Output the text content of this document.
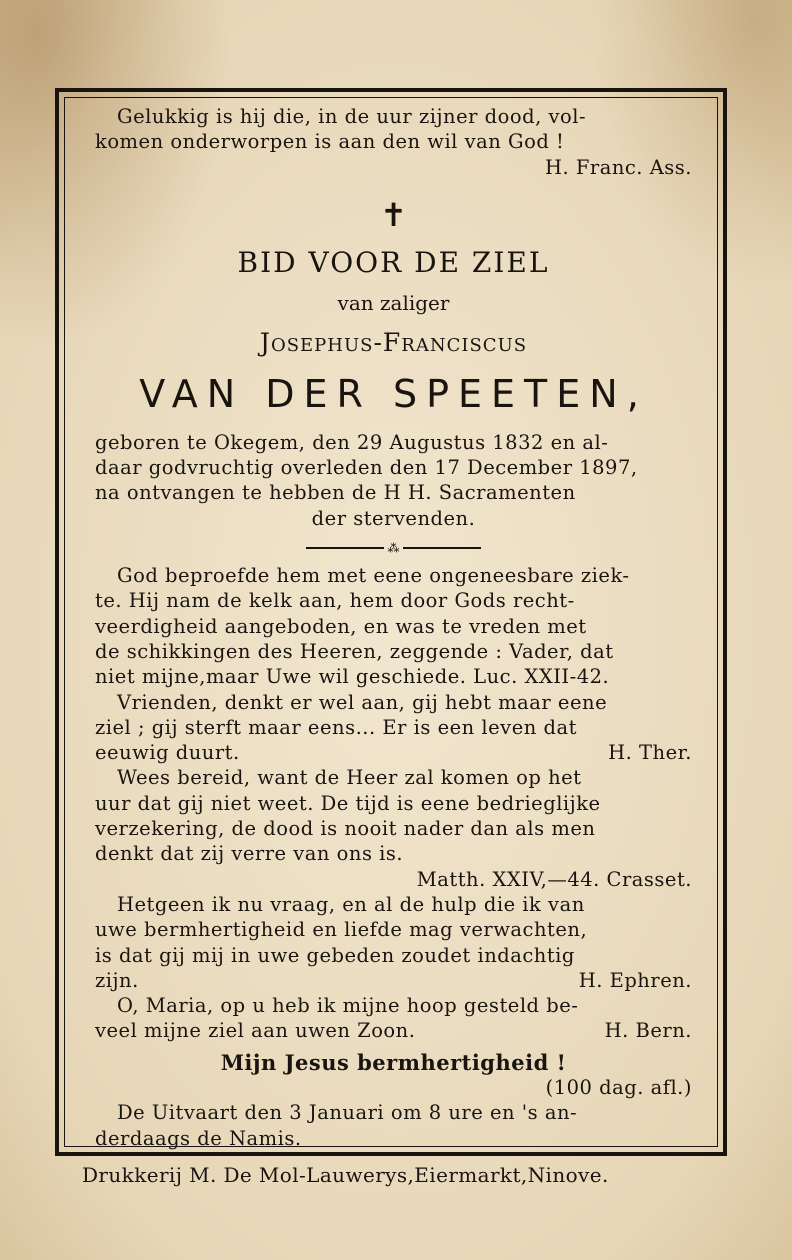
Gelukkig is hij die, in de uur zijner dood, vol-

komen onderworpen is aan den wil van God !

H. Franc. Ass.

✝
BID VOOR DE ZIEL
van zaliger
Josephus-Franciscus
VAN DER SPEETEN,

geboren te Okegem, den 29 Augustus 1832 en al-

daar godvruchtig overleden den 17 December 1897,

na ontvangen te hebben de H H. Sacramenten

der stervenden.

⁂

God beproefde hem met eene ongeneesbare ziek-

te. Hij nam de kelk aan, hem door Gods recht-

veerdigheid aangeboden, en was te vreden met

de schikkingen des Heeren, zeggende : Vader, dat

niet mijne,maar Uwe wil geschiede. Luc. XXII-42.

Vrienden, denkt er wel aan, gij hebt maar eene

ziel ; gij sterft maar eens... Er is een leven dat

eeuwig duurt.	H. Ther.

Wees bereid, want de Heer zal komen op het

uur dat gij niet weet. De tijd is eene bedrieglijke

verzekering, de dood is nooit nader dan als men

denkt dat zij verre van ons is.

Matth. XXIV,—44. Crasset.

Hetgeen ik nu vraag, en al de hulp die ik van

uwe bermhertigheid en liefde mag verwachten,

is dat gij mij in uwe gebeden zoudet indachtig

zijn.	H. Ephren.

O, Maria, op u heb ik mijne hoop gesteld be-

veel mijne ziel aan uwen Zoon.	H. Bern.

Mijn Jesus bermhertigheid !

(100 dag. afl.)

De Uitvaart den 3 Januari om 8 ure en 's an-

derdaags de Namis.

Drukkerij M. De Mol-Lauwerys,Eiermarkt,Ninove.
